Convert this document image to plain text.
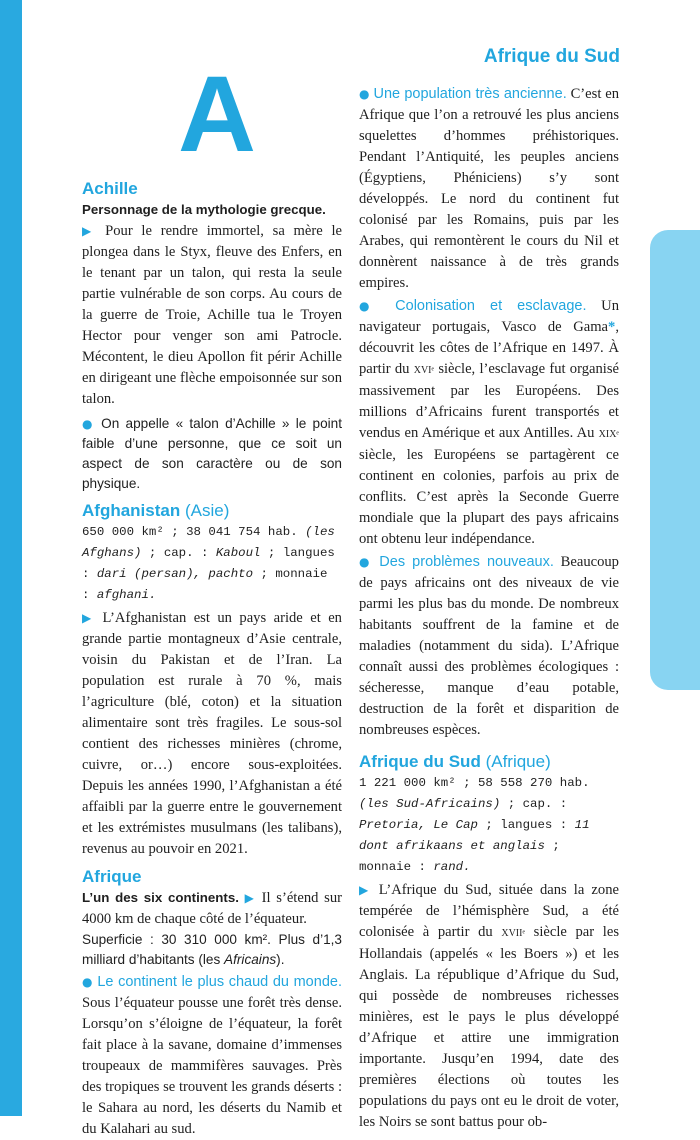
Afrique du Sud
A
Achille

Personnage de la mythologie grecque.

▶ Pour le rendre immortel, sa mère le plongea dans le Styx, fleuve des Enfers, en le tenant par un talon, qui resta la seule partie vulnérable de son corps. Au cours de la guerre de Troie, Achille tua le Troyen Hector pour venger son ami Patrocle. Mécontent, le dieu Apollon fit périr Achille en dirigeant une flèche empoisonnée sur son talon.

● On appelle « talon d’Achille » le point faible d’une personne, que ce soit un aspect de son caractère ou de son physique.

Afghanistan (Asie)

650 000 km² ; 38 041 754 hab. (les Afghans) ; cap. : Kaboul ; langues : dari (persan), pachto ; monnaie : afghani.

▶ L’Afghanistan est un pays aride et en grande partie montagneux d’Asie centrale, voisin du Pakistan et de l’Iran. La population est rurale à 70 %, mais l’agriculture (blé, coton) et la situation alimentaire sont très fragiles. Le sous-sol contient des richesses minières (chrome, cuivre, or…) encore sous-exploitées. Depuis les années 1990, l’Afghanistan a été affaibli par la guerre entre le gouvernement et les extrémistes musulmans (les talibans), revenus au pouvoir en 2021.

Afrique

L’un des six continents. ▶ Il s’étend sur 4000 km de chaque côté de l’équateur.

Superficie : 30 310 000 km². Plus d’1,3 milliard d’habitants (les Africains).

● Le continent le plus chaud du monde. Sous l’équateur pousse une forêt très dense. Lorsqu’on s’éloigne de l’équateur, la forêt fait place à la savane, domaine d’immenses troupeaux de mammifères sauvages. Près des tropiques se trouvent les grands déserts : le Sahara au nord, les déserts du Namib et du Kalahari au sud.

● Une population très ancienne. C’est en Afrique que l’on a retrouvé les plus anciens squelettes d’hommes préhistoriques. Pendant l’Antiquité, les peuples anciens (Égyptiens, Phéniciens) s’y sont développés. Le nord du continent fut colonisé par les Romains, puis par les Arabes, qui remontèrent le cours du Nil et donnèrent naissance à de très grands empires.

● Colonisation et esclavage. Un navigateur portugais, Vasco de Gama*, découvrit les côtes de l’Afrique en 1497. À partir du XVIᵉ siècle, l’esclavage fut organisé massivement par les Européens. Des millions d’Africains furent transportés et vendus en Amérique et aux Antilles. Au XIXᵉ siècle, les Européens se partagèrent ce continent en colonies, parfois au prix de conflits. C’est après la Seconde Guerre mondiale que la plupart des pays africains ont obtenu leur indépendance.

● Des problèmes nouveaux. Beaucoup de pays africains ont des niveaux de vie parmi les plus bas du monde. De nombreux habitants souffrent de la famine et de maladies (notamment du sida). L’Afrique connaît aussi des problèmes écologiques : sécheresse, manque d’eau potable, destruction de la forêt et disparition de nombreuses espèces.

Afrique du Sud (Afrique)

1 221 000 km² ; 58 558 270 hab. (les Sud-Africains) ; cap. : Pretoria, Le Cap ; langues : 11 dont afrikaans et anglais ; monnaie : rand.

▶ L’Afrique du Sud, située dans la zone tempérée de l’hémisphère Sud, a été colonisée à partir du XVIIᵉ siècle par les Hollandais (appelés « les Boers ») et les Anglais. La république d’Afrique du Sud, qui possède de nombreuses richesses minières, est le pays le plus développé d’Afrique et attire une immigration importante. Jusqu’en 1994, date des premières élections où toutes les populations du pays ont eu le droit de voter, les Noirs se sont battus pour ob-
